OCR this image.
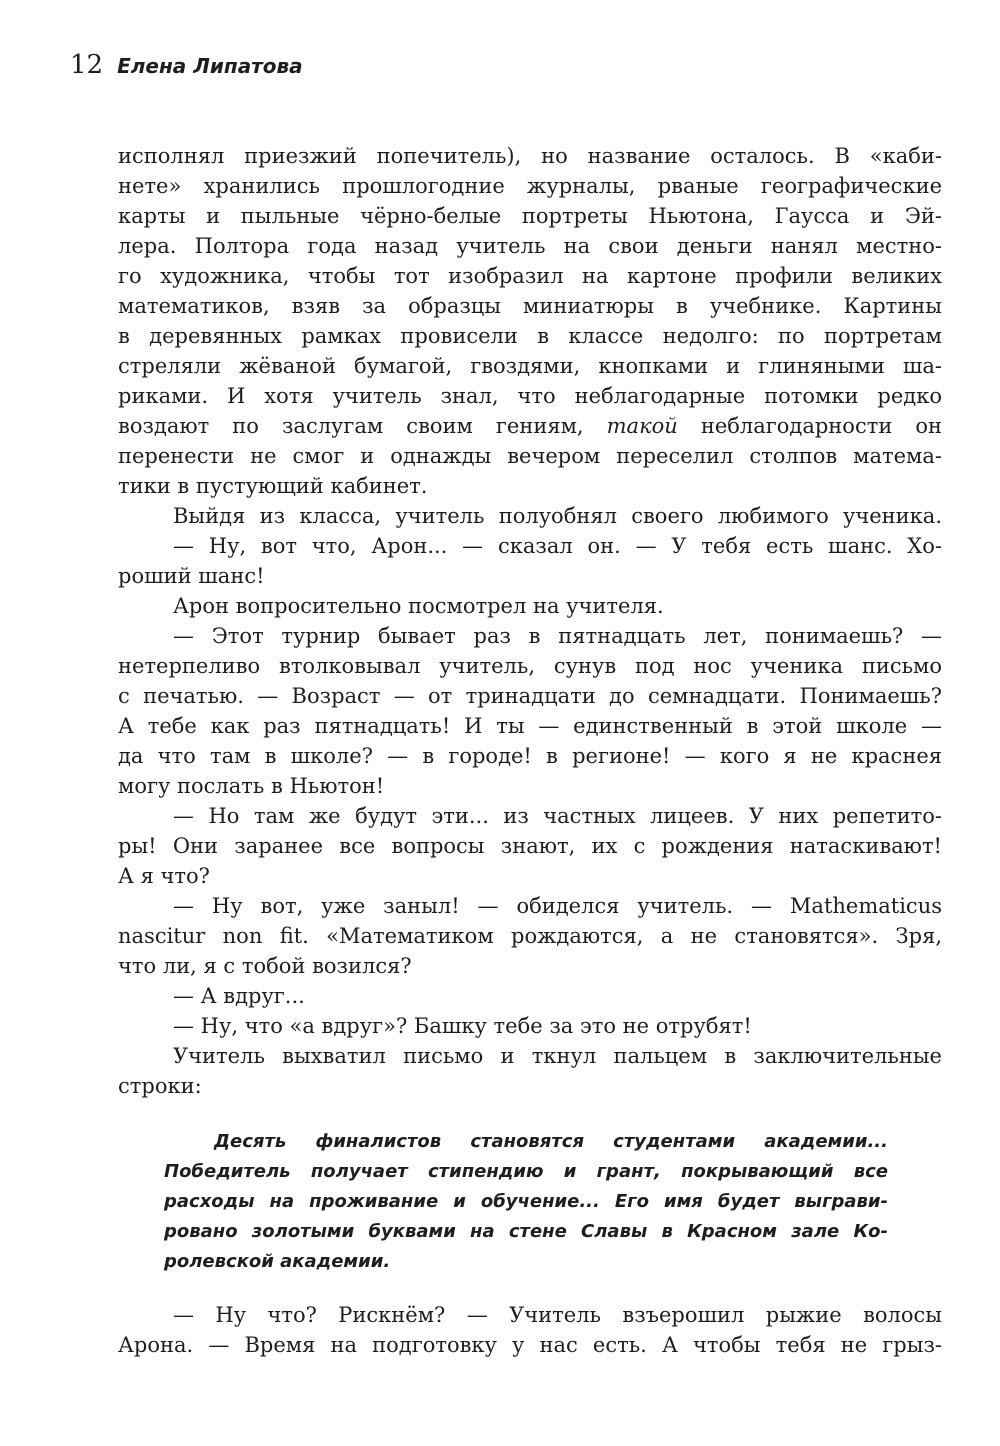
12 Елена Липатова
исполнял приезжий попечитель), но название осталось. В «каби-
нете» хранились прошлогодние журналы, рваные географические
карты и пыльные чёрно-белые портреты Ньютона, Гаусса и Эй-
лера. Полтора года назад учитель на свои деньги нанял местно-
го художника, чтобы тот изобразил на картоне профили великих
математиков, взяв за образцы миниатюры в учебнике. Картины
в деревянных рамках провисели в классе недолго: по портретам
стреляли жёваной бумагой, гвоздями, кнопками и глиняными ша-
риками. И хотя учитель знал, что неблагодарные потомки редко
воздают по заслугам своим гениям, такой неблагодарности он
перенести не смог и однажды вечером переселил столпов матема-
тики в пустующий кабинет.
Выйдя из класса, учитель полуобнял своего любимого ученика.
— Ну, вот что, Арон... — сказал он. — У тебя есть шанс. Хо-
роший шанс!
Арон вопросительно посмотрел на учителя.
— Этот турнир бывает раз в пятнадцать лет, понимаешь? —
нетерпеливо втолковывал учитель, сунув под нос ученика письмо
с печатью. — Возраст — от тринадцати до семнадцати. Понимаешь?
А тебе как раз пятнадцать! И ты — единственный в этой школе —
да что там в школе? — в городе! в регионе! — кого я не краснея
могу послать в Ньютон!
— Но там же будут эти... из частных лицеев. У них репетито-
ры! Они заранее все вопросы знают, их с рождения натаскивают!
А я что?
— Ну вот, уже заныл! — обиделся учитель. — Mathematicus
nascitur non fit. «Математиком рождаются, а не становятся». Зря,
что ли, я с тобой возился?
— А вдруг...
— Ну, что «а вдруг»? Башку тебе за это не отрубят!
Учитель выхватил письмо и ткнул пальцем в заключительные
строки:
Десять финалистов становятся студентами академии...
Победитель получает стипендию и грант, покрывающий все
расходы на проживание и обучение... Его имя будет выграви-
ровано золотыми буквами на стене Славы в Красном зале Ко-
ролевской академии.
— Ну что? Рискнём? — Учитель взъерошил рыжие волосы
Арона. — Время на подготовку у нас есть. А чтобы тебя не грыз-
